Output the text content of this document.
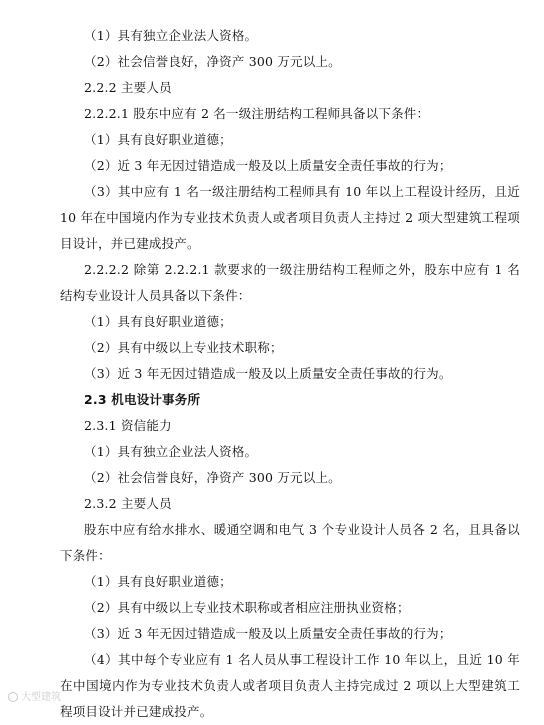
（1）具有独立企业法人资格。
（2）社会信誉良好，净资产 300 万元以上。
2.2.2 主要人员
2.2.2.1 股东中应有 2 名一级注册结构工程师具备以下条件：
（1）具有良好职业道德；
（2）近 3 年无因过错造成一般及以上质量安全责任事故的行为；
（3）其中应有 1 名一级注册结构工程师具有 10 年以上工程设计经历，且近 10 年在中国境内作为专业技术负责人或者项目负责人主持过 2 项大型建筑工程项目设计，并已建成投产。
2.2.2.2 除第 2.2.2.1 款要求的一级注册结构工程师之外，股东中应有 1 名结构专业设计人员具备以下条件：
（1）具有良好职业道德；
（2）具有中级以上专业技术职称；
（3）近 3 年无因过错造成一般及以上质量安全责任事故的行为。
2.3 机电设计事务所
2.3.1 资信能力
（1）具有独立企业法人资格。
（2）社会信誉良好，净资产 300 万元以上。
2.3.2 主要人员
股东中应有给水排水、暖通空调和电气 3 个专业设计人员各 2 名，且具备以下条件：
（1）具有良好职业道德；
（2）具有中级以上专业技术职称或者相应注册执业资格；
（3）近 3 年无因过错造成一般及以上质量安全责任事故的行为；
（4）其中每个专业应有 1 名人员从事工程设计工作 10 年以上，且近 10 年在中国境内作为专业技术负责人或者项目负责人主持完成过 2 项以上大型建筑工程项目设计并已建成投产。
大型建筑
